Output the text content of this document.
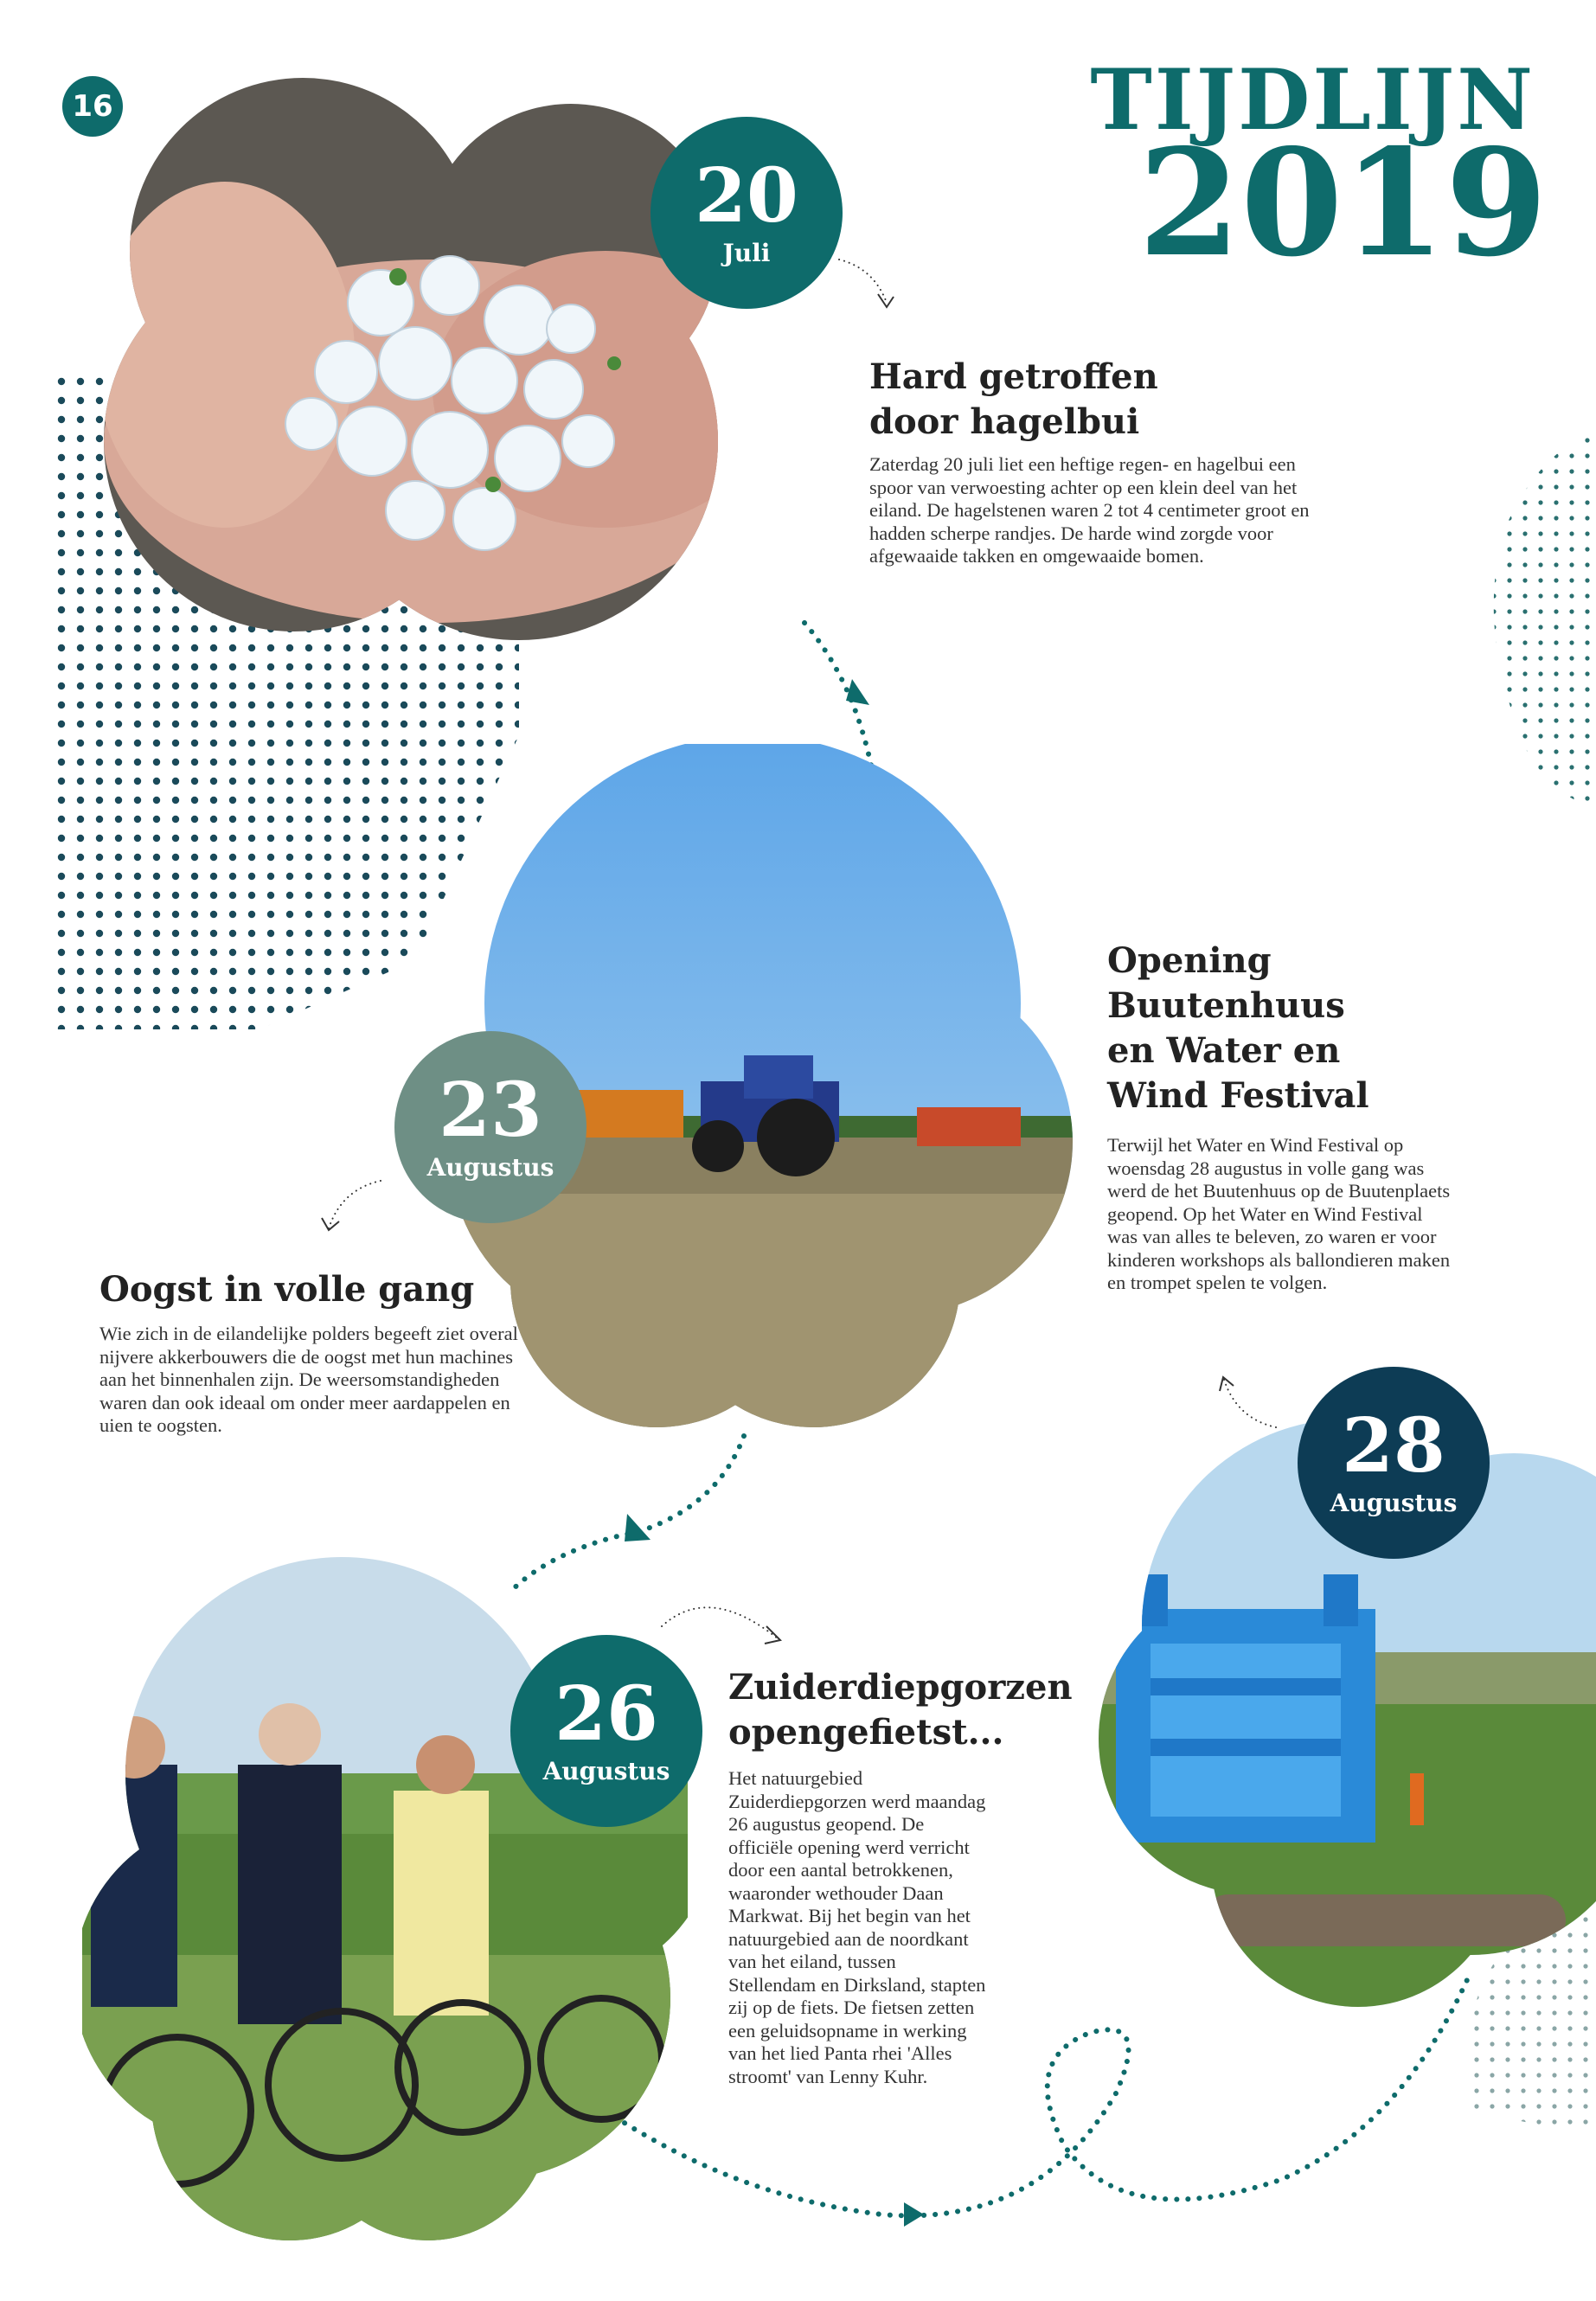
16	TIJDLIJN
2019
20
Juli
23
Augustus
28
Augustus
26
Augustus
Hard getroffen
door hagelbui

Zaterdag 20 juli liet een heftige regen- en hagelbui een spoor van verwoesting achter op een klein deel van het eiland. De hagelstenen waren 2 tot 4 centimeter groot en hadden scherpe randjes. De harde wind zorgde voor afgewaaide takken en omgewaaide bomen.

Oogst in volle gang

Wie zich in de eilandelijke polders begeeft ziet overal nijvere akkerbouwers die de oogst met hun machines aan het binnenhalen zijn. De weersomstandigheden waren dan ook ideaal om onder meer aardappelen en uien te oogsten.

Opening
Buutenhuus
en Water en
Wind Festival

Terwijl het Water en Wind Festival op woensdag 28 augustus in volle gang was werd de het Buutenhuus op de Buutenplaets geopend. Op het Water en Wind Festival was van alles te beleven, zo waren er voor kinderen workshops als ballondieren maken en trompet spelen te volgen.

Zuiderdiepgorzen
opengefietst...

Het natuurgebied Zuiderdiepgorzen werd maandag 26 augustus geopend. De officiële opening werd verricht door een aantal betrokkenen, waaronder wethouder Daan Markwat. Bij het begin van het natuurgebied aan de noordkant van het eiland, tussen Stellendam en Dirksland, stapten zij op de fiets. De fietsen zetten een geluidsopname in werking van het lied Panta rhei 'Alles stroomt' van Lenny Kuhr.
